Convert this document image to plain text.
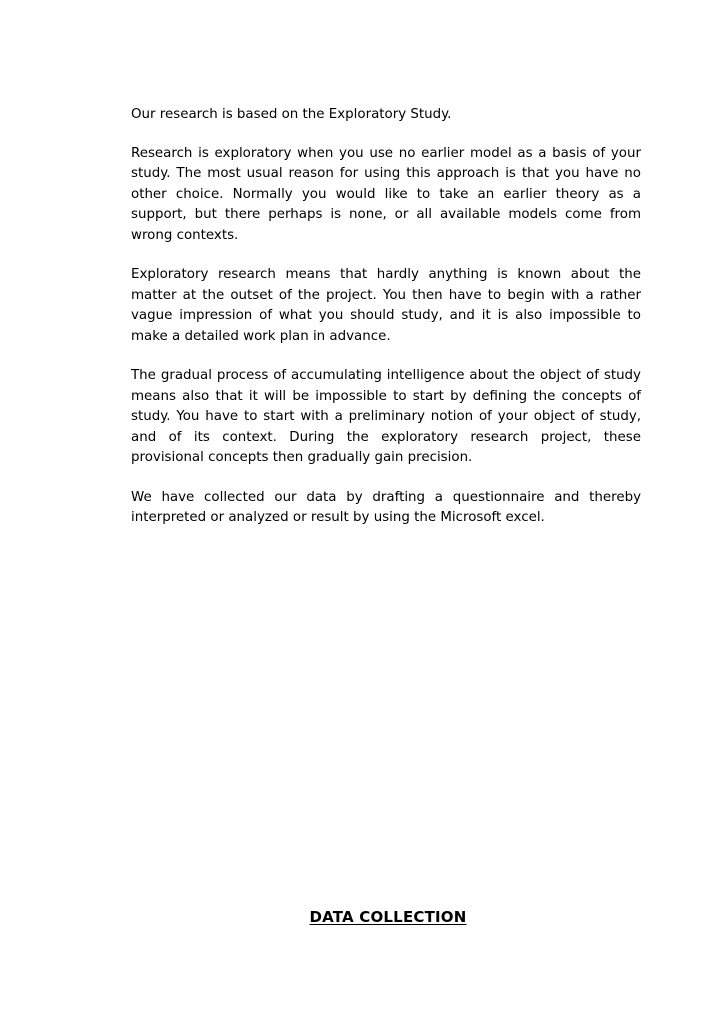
Our research is based on the Exploratory Study.

Research is exploratory when you use no earlier model as a basis of your study. The most usual reason for using this approach is that you have no other choice. Normally you would like to take an earlier theory as a support, but there perhaps is none, or all available models come from wrong contexts.

Exploratory research means that hardly anything is known about the matter at the outset of the project. You then have to begin with a rather vague impression of what you should study, and it is also impossible to make a detailed work plan in advance.

The gradual process of accumulating intelligence about the object of study means also that it will be impossible to start by defining the concepts of study. You have to start with a preliminary notion of your object of study, and of its context. During the exploratory research project, these provisional concepts then gradually gain precision.

We have collected our data by drafting a questionnaire and thereby interpreted or analyzed or result by using the Microsoft excel.

DATA COLLECTION
